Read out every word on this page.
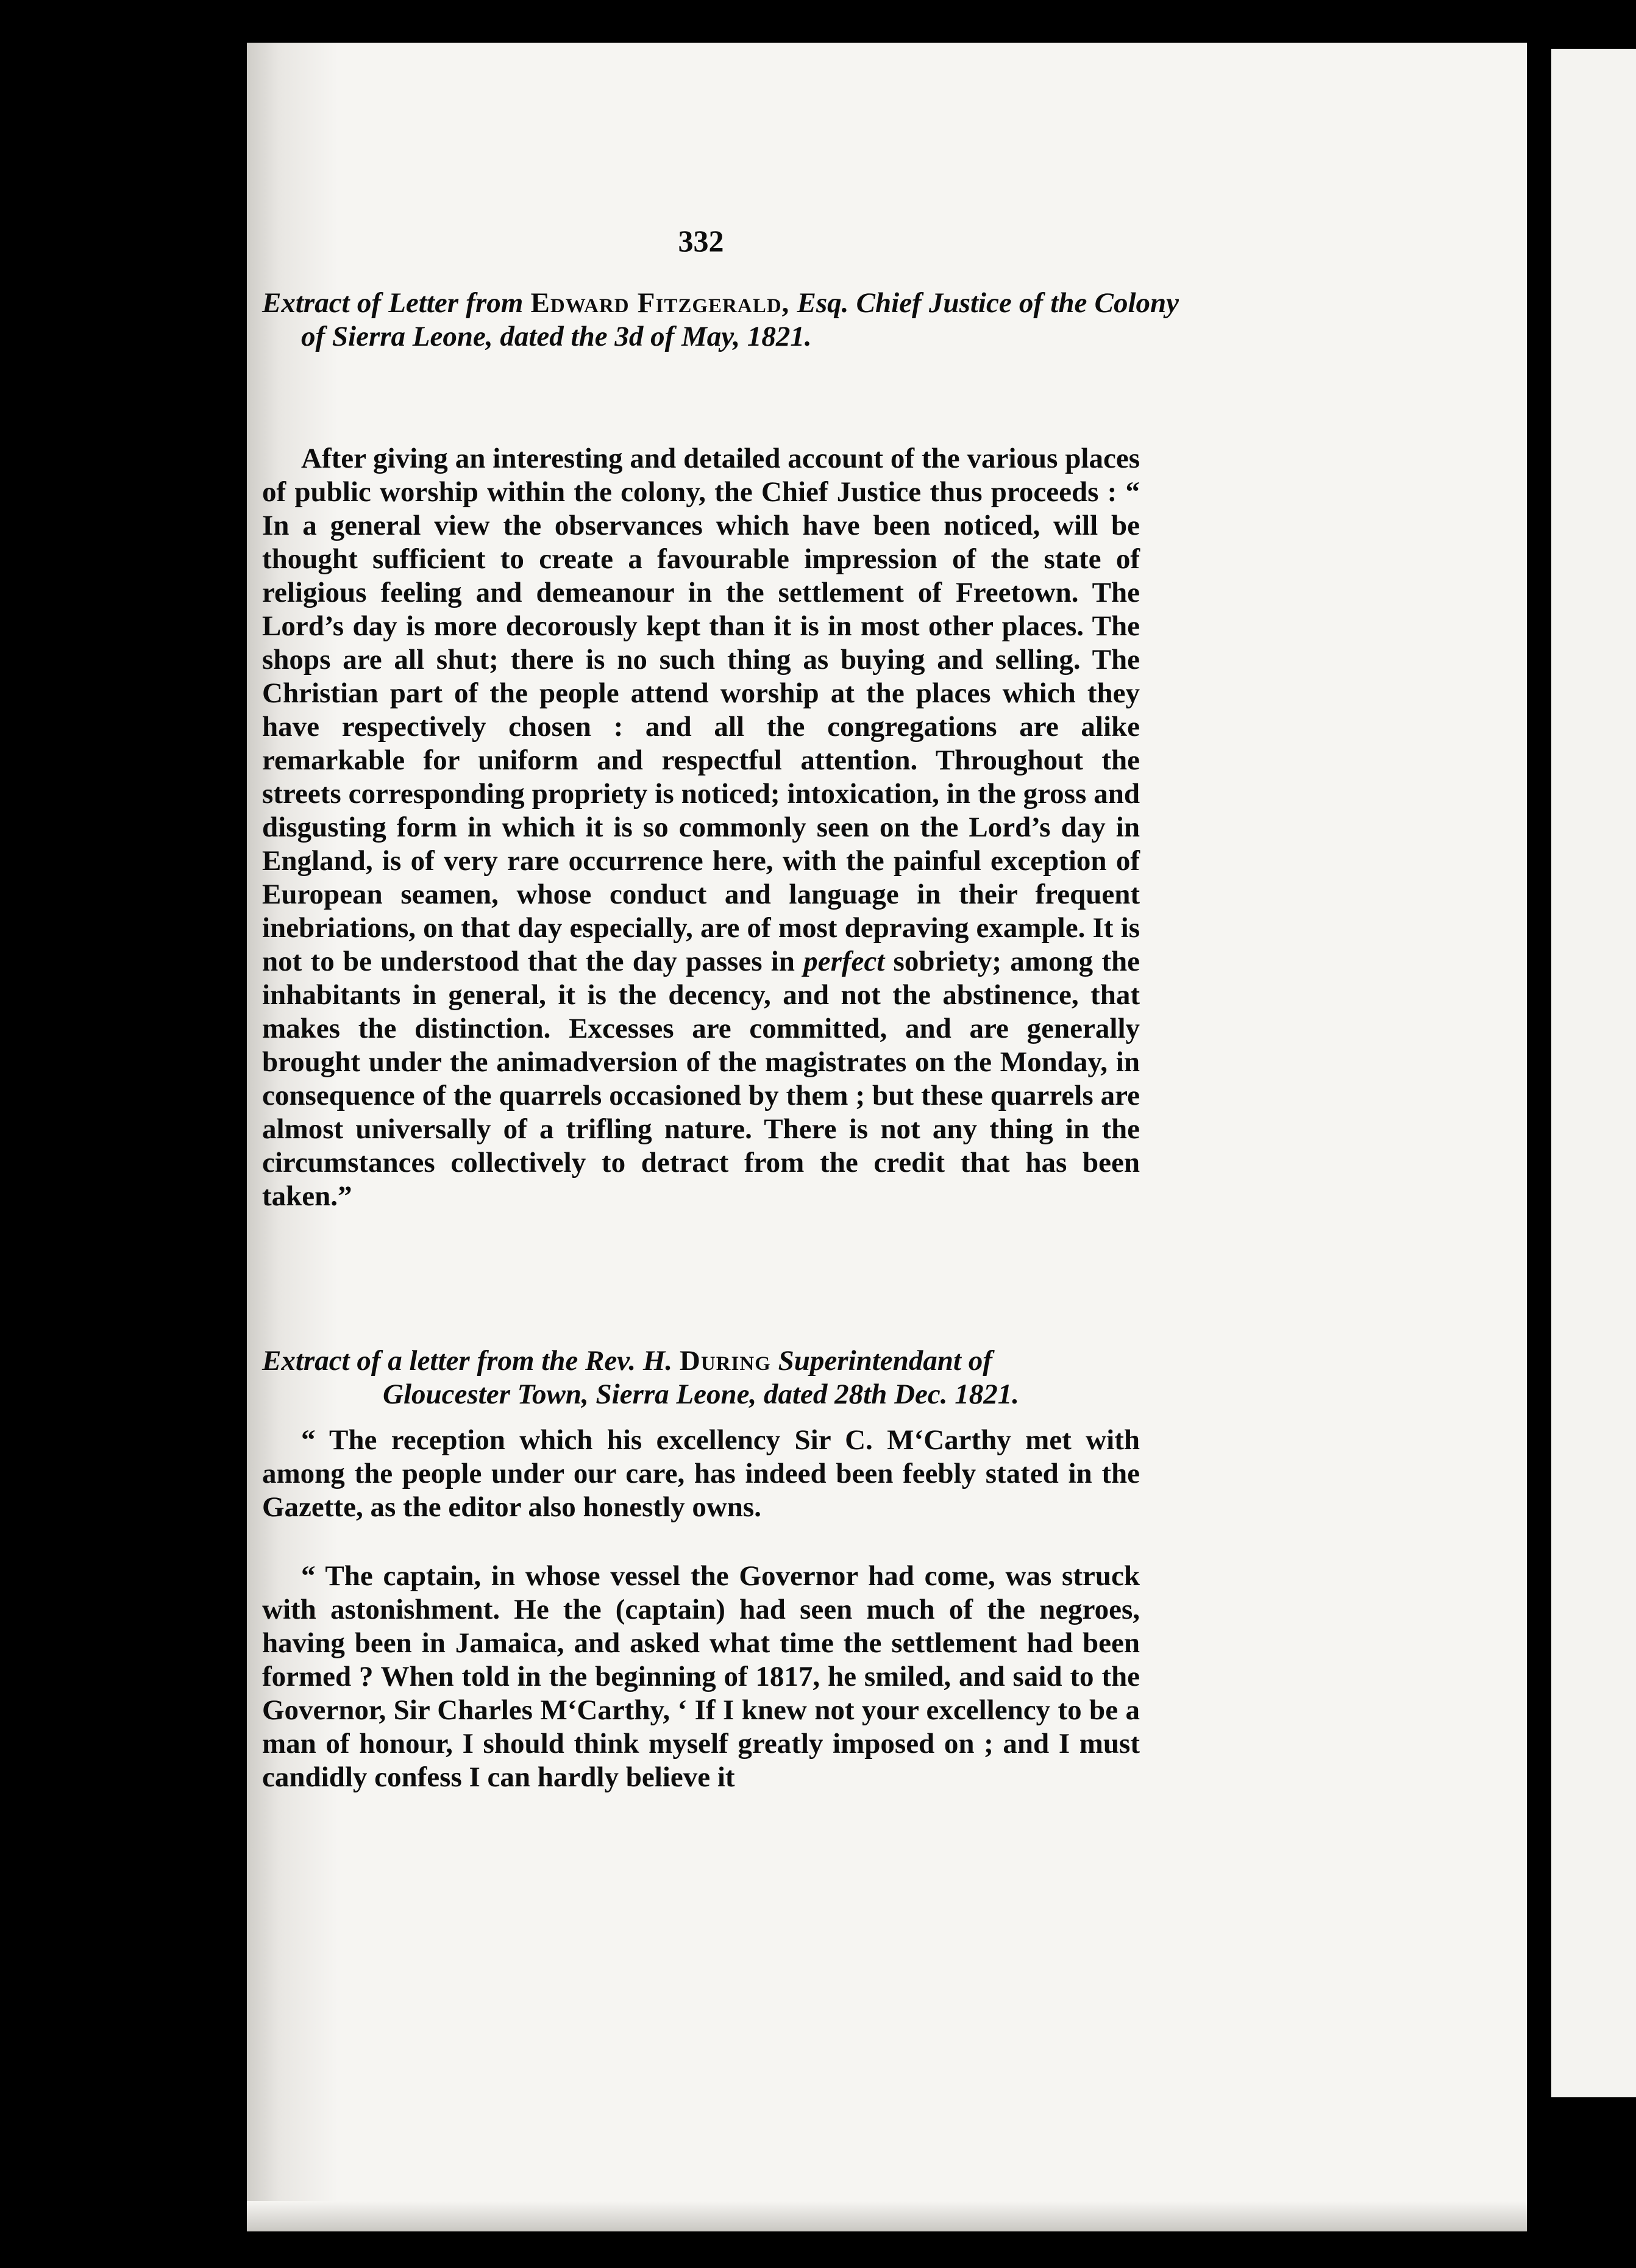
332
Extract of Letter from Edward Fitzgerald, Esq. Chief Justice of the Colony of Sierra Leone, dated the 3d of May, 1821.

After giving an interesting and detailed account of the various places of public worship within the colony, the Chief Justice thus proceeds : “ In a general view the observances which have been noticed, will be thought sufficient to create a favourable impression of the state of religious feeling and demeanour in the settlement of Freetown. The Lord’s day is more decorously kept than it is in most other places. The shops are all shut; there is no such thing as buying and selling. The Christian part of the people attend worship at the places which they have respectively chosen : and all the congregations are alike remarkable for uniform and respectful attention. Throughout the streets corresponding propriety is noticed; intoxication, in the gross and disgusting form in which it is so commonly seen on the Lord’s day in England, is of very rare occurrence here, with the painful exception of European seamen, whose conduct and language in their frequent inebriations, on that day especially, are of most depraving example. It is not to be understood that the day passes in perfect sobriety; among the inhabitants in general, it is the decency, and not the abstinence, that makes the distinction. Excesses are committed, and are generally brought under the animadversion of the magistrates on the Monday, in consequence of the quarrels occasioned by them ; but these quarrels are almost universally of a trifling nature. There is not any thing in the circumstances collectively to detract from the credit that has been taken.”

Extract of a letter from the Rev. H. During Superintendant of
Gloucester Town, Sierra Leone, dated 28th Dec. 1821.

“ The reception which his excellency Sir C. M‘Carthy met with among the people under our care, has indeed been feebly stated in the Gazette, as the editor also honestly owns.

“ The captain, in whose vessel the Governor had come, was struck with astonishment. He the (captain) had seen much of the negroes, having been in Jamaica, and asked what time the settlement had been formed ? When told in the beginning of 1817, he smiled, and said to the Governor, Sir Charles M‘Carthy, ‘ If I knew not your excellency to be a man of honour, I should think myself greatly imposed on ; and I must candidly confess I can hardly believe it
